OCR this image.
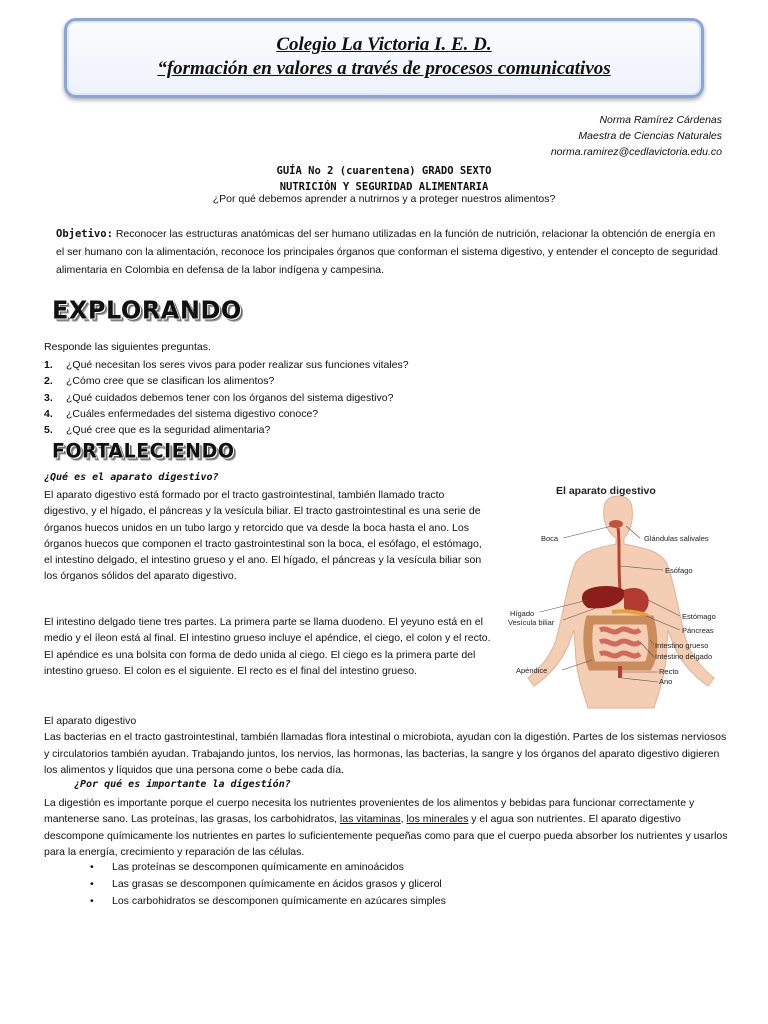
Colegio La Victoria I. E. D.
“formación en valores a través de procesos comunicativos
Norma Ramírez Cárdenas
Maestra de Ciencias Naturales
norma.ramirez@cedlavictoria.edu.co
GUÍA No 2 (cuarentena) GRADO SEXTO
NUTRICIÓN Y SEGURIDAD ALIMENTARIA
¿Por qué debemos aprender a nutrirnos y a proteger nuestros alimentos?
Objetivo: Reconocer las estructuras anatómicas del ser humano utilizadas en la función de nutrición, relacionar la obtención de energía en el ser humano con la alimentación, reconoce los principales órganos que conforman el sistema digestivo, y entender el concepto de seguridad alimentaria en Colombia en defensa de la labor indígena y campesina.
EXPLORANDO
Responde las siguientes preguntas.
1. ¿Qué necesitan los seres vivos para poder realizar sus funciones vitales?
2. ¿Cómo cree que se clasifican los alimentos?
3. ¿Qué cuidados debemos tener con los órganos del sistema digestivo?
4. ¿Cuáles enfermedades del sistema digestivo conoce?
5. ¿Qué cree que es la seguridad alimentaria?
FORTALECIENDO
¿Qué es el aparato digestivo?

El aparato digestivo está formado por el tracto gastrointestinal, también llamado tracto digestivo, y el hígado, el páncreas y la vesícula biliar. El tracto gastrointestinal es una serie de órganos huecos unidos en un tubo largo y retorcido que va desde la boca hasta el ano. Los órganos huecos que componen el tracto gastrointestinal son la boca, el esófago, el estómago, el intestino delgado, el intestino grueso y el ano. El hígado, el páncreas y la vesícula biliar son los órganos sólidos del aparato digestivo.

El intestino delgado tiene tres partes. La primera parte se llama duodeno. El yeyuno está en el medio y el íleon está al final. El intestino grueso incluye el apéndice, el ciego, el colon y el recto. El apéndice es una bolsita con forma de dedo unida al ciego. El ciego es la primera parte del intestino grueso. El colon es el siguiente. El recto es el final del intestino grueso.

El aparato digestivo
Las bacterias en el tracto gastrointestinal, también llamadas flora intestinal o microbiota, ayudan con la digestión. Partes de los sistemas nerviosos y circulatorios también ayudan. Trabajando juntos, los nervios, las hormonas, las bacterias, la sangre y los órganos del aparato digestivo digieren los alimentos y líquidos que una persona come o bebe cada día.
¿Por qué es importante la digestión?

La digestión es importante porque el cuerpo necesita los nutrientes provenientes de los alimentos y bebidas para funcionar correctamente y mantenerse sano. Las proteínas, las grasas, los carbohidratos, las vitaminas, los minerales y el agua son nutrientes. El aparato digestivo descompone químicamente los nutrientes en partes lo suficientemente pequeñas como para que el cuerpo pueda absorber los nutrientes y usarlos para la energía, crecimiento y reparación de las células.

• Las proteínas se descomponen químicamente en aminoácidos
• Las grasas se descomponen químicamente en ácidos grasos y glicerol
• Los carbohidratos se descomponen químicamente en azúcares simples
El aparato digestivo
Boca	Glándulas salivales
Esófago
Hígado
Vesícula biliar
Estómago
Páncreas
Intestino grueso
Intestino delgado
Apéndice	Recto
Ano
